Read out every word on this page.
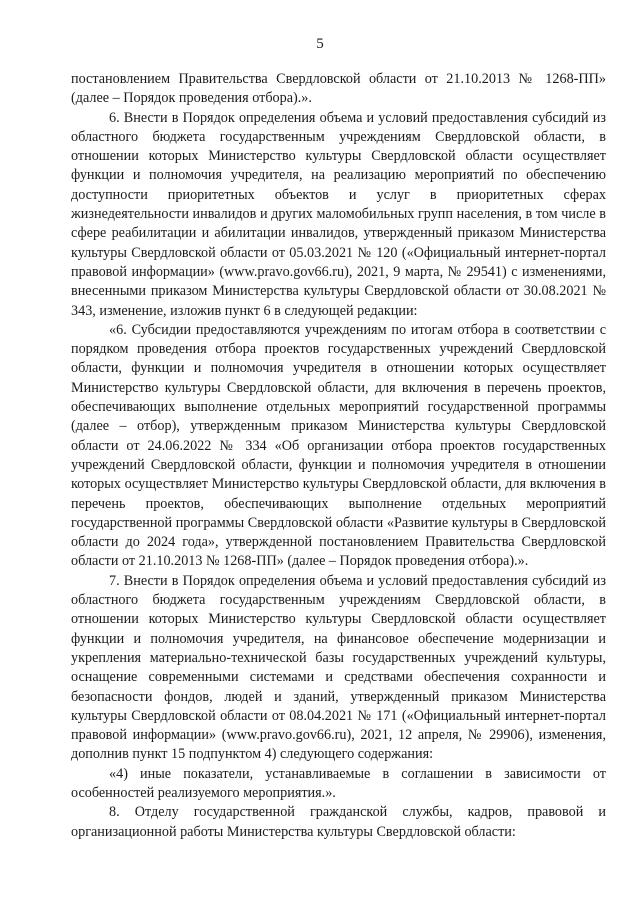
5

постановлением Правительства Свердловской области от 21.10.2013 № 1268-ПП» (далее – Порядок проведения отбора).».

6. Внести в Порядок определения объема и условий предоставления субсидий из областного бюджета государственным учреждениям Свердловской области, в отношении которых Министерство культуры Свердловской области осуществляет функции и полномочия учредителя, на реализацию мероприятий по обеспечению доступности приоритетных объектов и услуг в приоритетных сферах жизнедеятельности инвалидов и других маломобильных групп населения, в том числе в сфере реабилитации и абилитации инвалидов, утвержденный приказом Министерства культуры Свердловской области от 05.03.2021 № 120 («Официальный интернет-портал правовой информации» (www.pravo.gov66.ru), 2021, 9 марта, № 29541) с изменениями, внесенными приказом Министерства культуры Свердловской области от 30.08.2021 № 343, изменение, изложив пункт 6 в следующей редакции:

«6. Субсидии предоставляются учреждениям по итогам отбора в соответствии с порядком проведения отбора проектов государственных учреждений Свердловской области, функции и полномочия учредителя в отношении которых осуществляет Министерство культуры Свердловской области, для включения в перечень проектов, обеспечивающих выполнение отдельных мероприятий государственной программы (далее – отбор), утвержденным приказом Министерства культуры Свердловской области от 24.06.2022 № 334 «Об организации отбора проектов государственных учреждений Свердловской области, функции и полномочия учредителя в отношении которых осуществляет Министерство культуры Свердловской области, для включения в перечень проектов, обеспечивающих выполнение отдельных мероприятий государственной программы Свердловской области «Развитие культуры в Свердловской области до 2024 года», утвержденной постановлением Правительства Свердловской области от 21.10.2013 № 1268-ПП» (далее – Порядок проведения отбора).».

7. Внести в Порядок определения объема и условий предоставления субсидий из областного бюджета государственным учреждениям Свердловской области, в отношении которых Министерство культуры Свердловской области осуществляет функции и полномочия учредителя, на финансовое обеспечение модернизации и укрепления материально-технической базы государственных учреждений культуры, оснащение современными системами и средствами обеспечения сохранности и безопасности фондов, людей и зданий, утвержденный приказом Министерства культуры Свердловской области от 08.04.2021 № 171 («Официальный интернет-портал правовой информации» (www.pravo.gov66.ru), 2021, 12 апреля, № 29906), изменения, дополнив пункт 15 подпунктом 4) следующего содержания:

«4) иные показатели, устанавливаемые в соглашении в зависимости от особенностей реализуемого мероприятия.».

8. Отделу государственной гражданской службы, кадров, правовой и организационной работы Министерства культуры Свердловской области:
